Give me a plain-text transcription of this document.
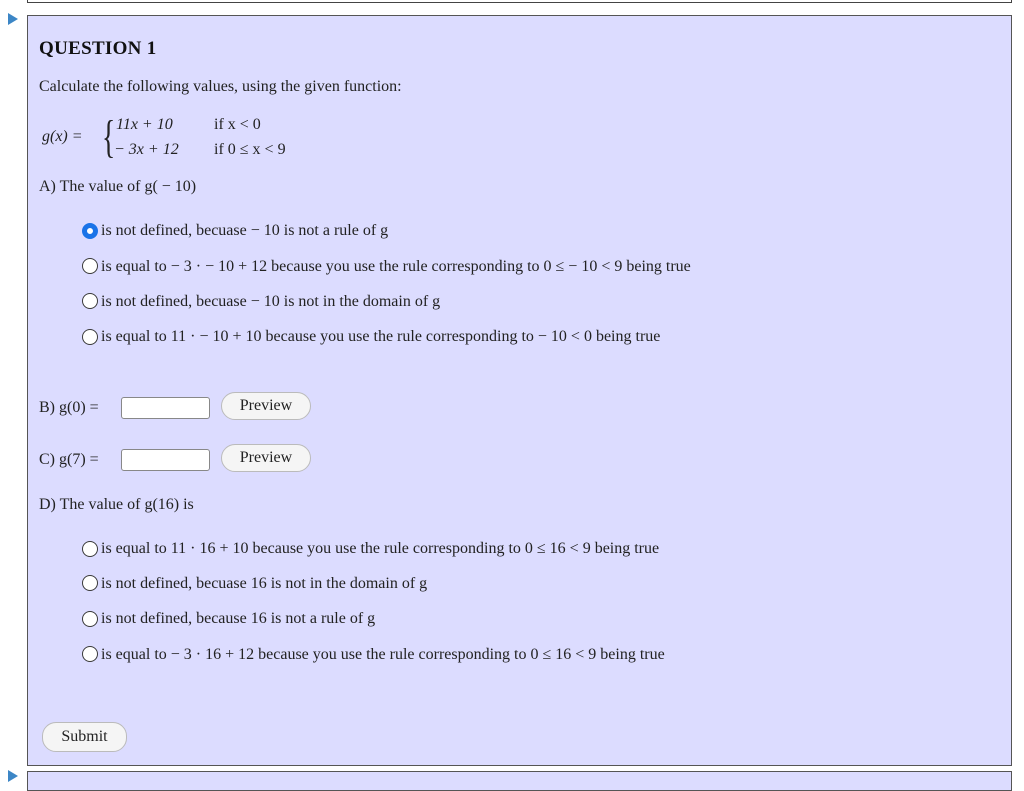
QUESTION 1
Calculate the following values, using the given function:
g(x) = { 11x + 10	if x < 0
− 3x + 12 if 0 ≤ x < 9
A) The value of g( − 10)
is not defined, becuase − 10 is not a rule of g
is equal to − 3 · − 10 + 12 because you use the rule corresponding to 0 ≤ − 10 < 9 being true
is not defined, becuase − 10 is not in the domain of g
is equal to 11 · − 10 + 10 because you use the rule corresponding to − 10 < 0 being true
B) g(0) =	Preview
C) g(7) =	Preview
D) The value of g(16) is
is equal to 11 · 16 + 10 because you use the rule corresponding to 0 ≤ 16 < 9 being true
is not defined, becuase 16 is not in the domain of g
is not defined, because 16 is not a rule of g
is equal to − 3 · 16 + 12 because you use the rule corresponding to 0 ≤ 16 < 9 being true
Submit
